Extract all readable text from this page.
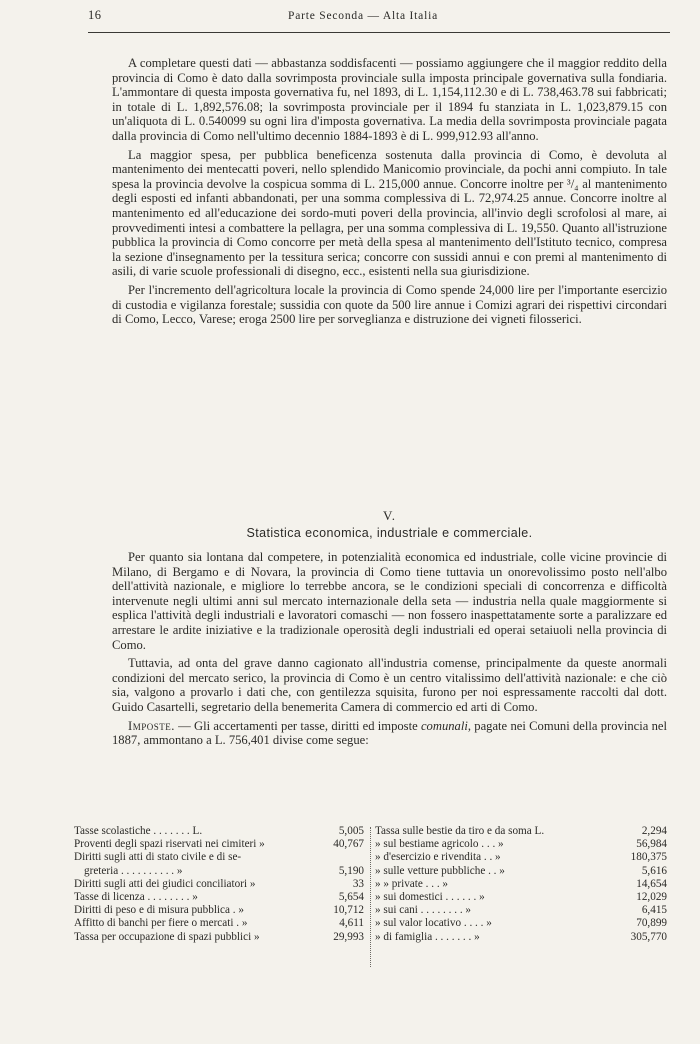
16	Parte Seconda — Alta Italia

A completare questi dati — abbastanza soddisfacenti — possiamo aggiungere che il maggior reddito della provincia di Como è dato dalla sovrimposta provinciale sulla imposta principale governativa sulla fondiaria. L'ammontare di questa imposta governativa fu, nel 1893, di L. 1,154,112.30 e di L. 738,463.78 sui fabbricati; in totale di L. 1,892,576.08; la sovrimposta provinciale per il 1894 fu stanziata in L. 1,023,879.15 con un'aliquota di L. 0.540099 su ogni lira d'imposta governativa. La media della sovrimposta provinciale pagata dalla provincia di Como nell'ultimo decennio 1884-1893 è di L. 999,912.93 all'anno.

La maggior spesa, per pubblica beneficenza sostenuta dalla provincia di Como, è devoluta al mantenimento dei mentecatti poveri, nello splendido Manicomio provinciale, da pochi anni compiuto. In tale spesa la provincia devolve la cospicua somma di L. 215,000 annue. Concorre inoltre per ³/₄ al mantenimento degli esposti ed infanti abbandonati, per una somma complessiva di L. 72,974.25 annue. Concorre inoltre al mantenimento ed all'educazione dei sordo-muti poveri della provincia, all'invio degli scrofolosi al mare, ai provvedimenti intesi a combattere la pellagra, per una somma complessiva di L. 19,550. Quanto all'istruzione pubblica la provincia di Como concorre per metà della spesa al mantenimento dell'Istituto tecnico, compresa la sezione d'insegnamento per la tessitura serica; concorre con sussidi annui e con premi al mantenimento di asili, di varie scuole professionali di disegno, ecc., esistenti nella sua giurisdizione.

Per l'incremento dell'agricoltura locale la provincia di Como spende 24,000 lire per l'importante esercizio di custodia e vigilanza forestale; sussidia con quote da 500 lire annue i Comizi agrari dei rispettivi circondari di Como, Lecco, Varese; eroga 2500 lire per sorveglianza e distruzione dei vigneti filosserici.

V.
Statistica economica, industriale e commerciale.

Per quanto sia lontana dal competere, in potenzialità economica ed industriale, colle vicine provincie di Milano, di Bergamo e di Novara, la provincia di Como tiene tuttavia un onorevolissimo posto nell'albo dell'attività nazionale, e migliore lo terrebbe ancora, se le condizioni speciali di concorrenza e difficoltà intervenute negli ultimi anni sul mercato internazionale della seta — industria nella quale maggiormente si esplica l'attività degli industriali e lavoratori comaschi — non fossero inaspettatamente sorte a paralizzare ed arrestare le ardite iniziative e la tradizionale operosità degli industriali ed operai setaiuoli nella provincia di Como.

Tuttavia, ad onta del grave danno cagionato all'industria comense, principalmente da queste anormali condizioni del mercato serico, la provincia di Como è un centro vitalissimo dell'attività nazionale: e che ciò sia, valgono a provarlo i dati che, con gentilezza squisita, furono per noi espressamente raccolti dal dott. Guido Casartelli, segretario della benemerita Camera di commercio ed arti di Como.

Imposte. — Gli accertamenti per tasse, diritti ed imposte comunali, pagate nei Comuni della provincia nel 1887, ammontano a L. 756,401 divise come segue:

Tasse scolastiche . . . . . . . L.	5,005
Proventi degli spazi riservati nei cimiteri »	40,767
Diritti sugli atti di stato civile e di se-
greteria . . . . . . . . . . »	5,190
Diritti sugli atti dei giudici conciliatori »	33
Tasse di licenza . . . . . . . . »	5,654
Diritti di peso e di misura pubblica . »	10,712
Affitto di banchi per fiere o mercati . »	4,611
Tassa per occupazione di spazi pubblici »	29,993
Tassa sulle bestie da tiro e da soma L.	2,294
» sul bestiame agricolo . . . »	56,984
» d'esercizio e rivendita . . »	180,375
» sulle vetture pubbliche . . »	5,616
» » private . . . »	14,654
» sui domestici . . . . . . »	12,029
» sui cani . . . . . . . . »	6,415
» sul valor locativo . . . . »	70,899
» di famiglia . . . . . . . »	305,770
